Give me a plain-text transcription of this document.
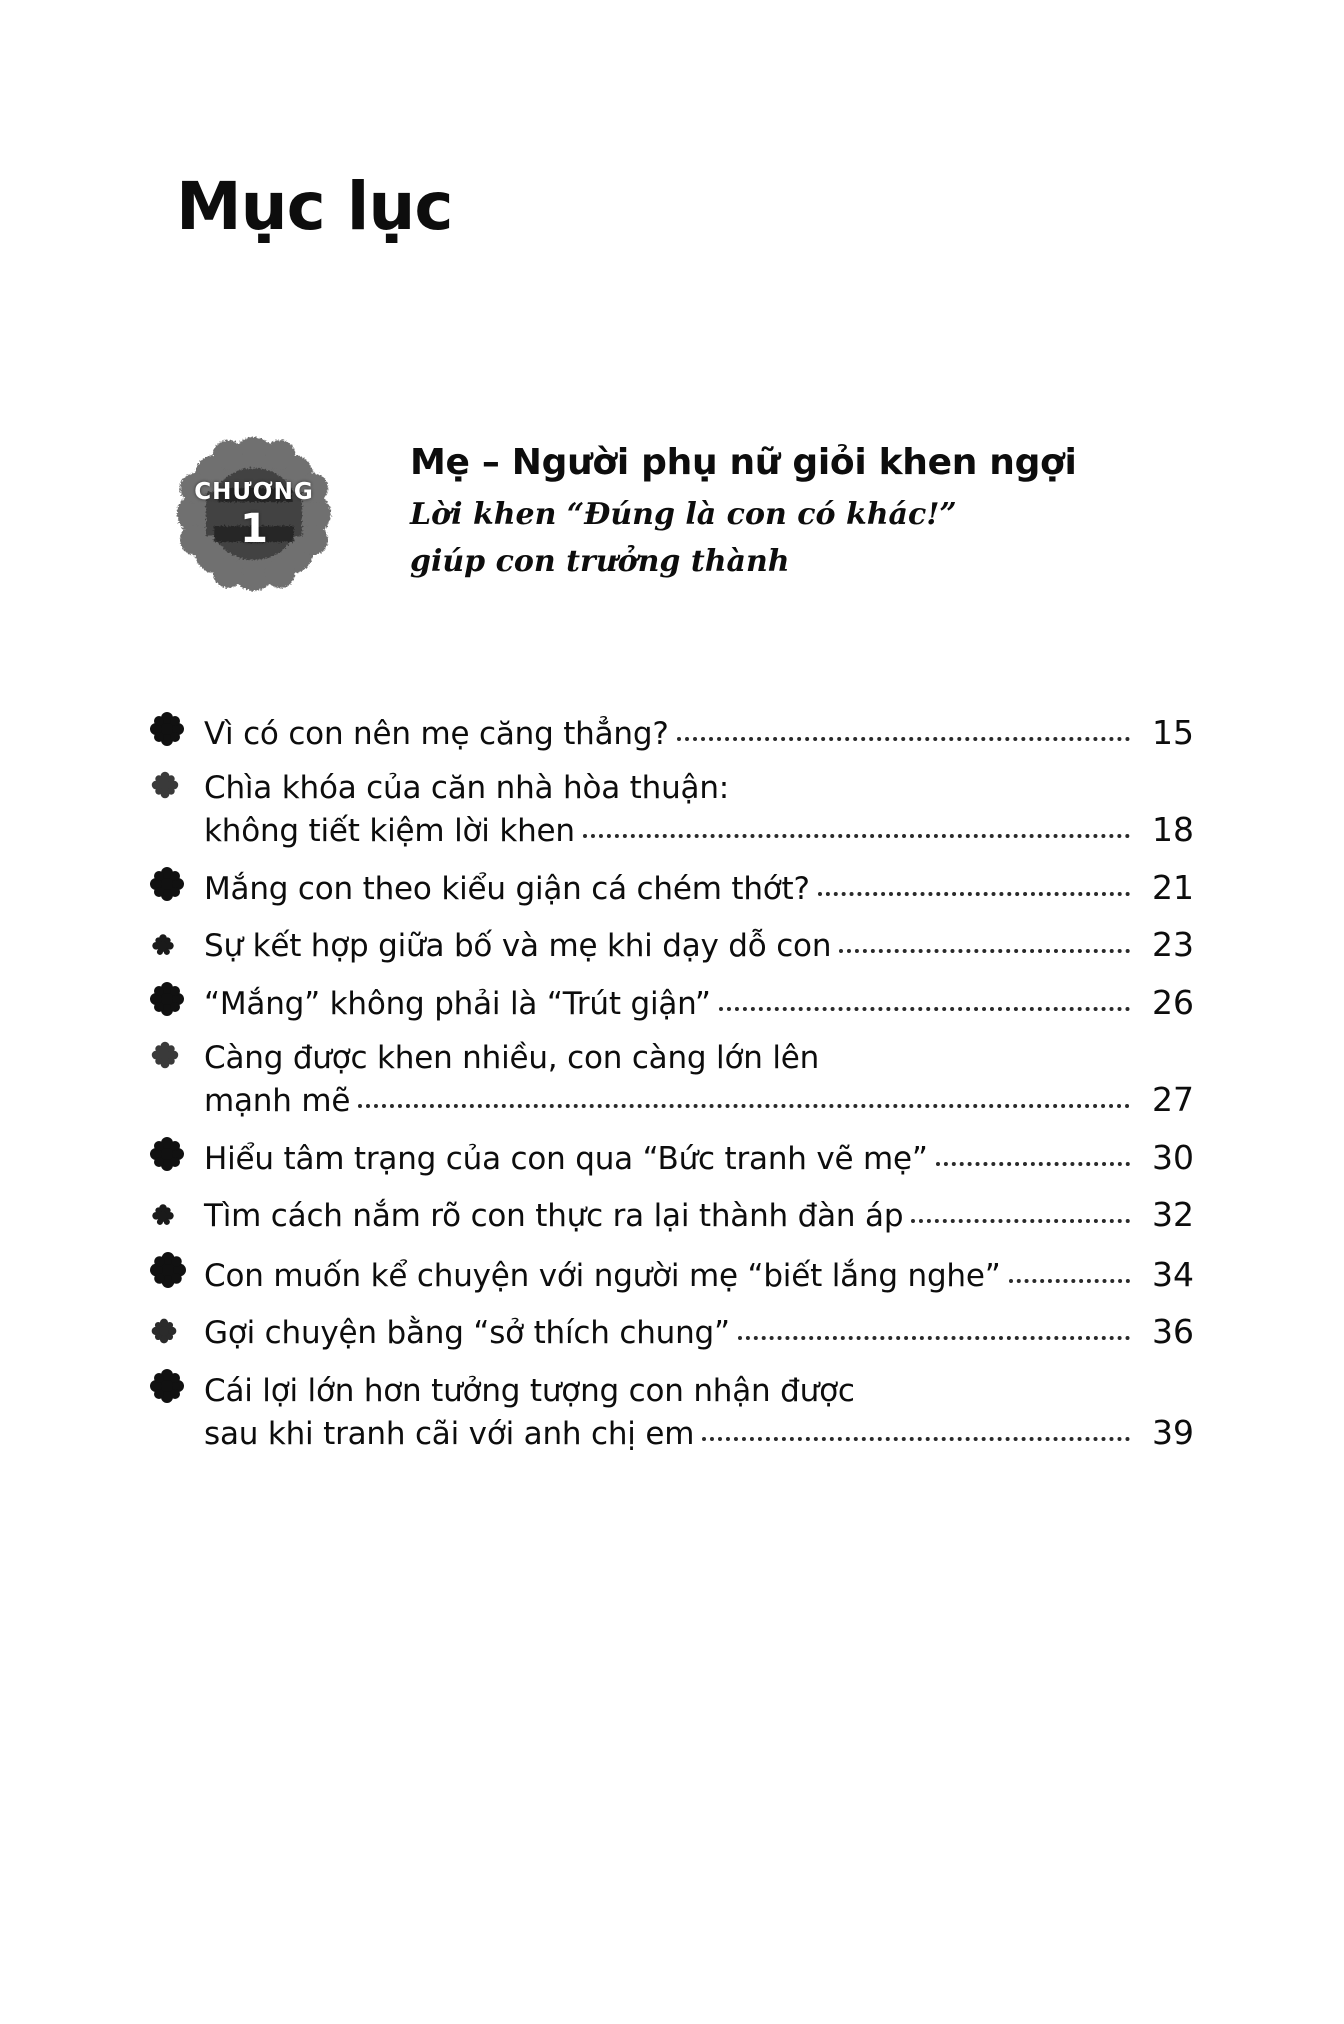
Mục lục
CHƯƠNG
1
Mẹ – Người phụ nữ giỏi khen ngợi
Lời khen “Đúng là con có khác!”
giúp con trưởng thành
Vì có con nên mẹ căng thẳng?	15
Chìa khóa của căn nhà hòa thuận:
không tiết kiệm lời khen	18
Mắng con theo kiểu giận cá chém thớt?	21
Sự kết hợp giữa bố và mẹ khi dạy dỗ con	23
“Mắng” không phải là “Trút giận”	26
Càng được khen nhiều, con càng lớn lên
mạnh mẽ	27
Hiểu tâm trạng của con qua “Bức tranh vẽ mẹ”	30
Tìm cách nắm rõ con thực ra lại thành đàn áp	32
Con muốn kể chuyện với người mẹ “biết lắng nghe”	34
Gợi chuyện bằng “sở thích chung”	36
Cái lợi lớn hơn tưởng tượng con nhận được
sau khi tranh cãi với anh chị em	39
